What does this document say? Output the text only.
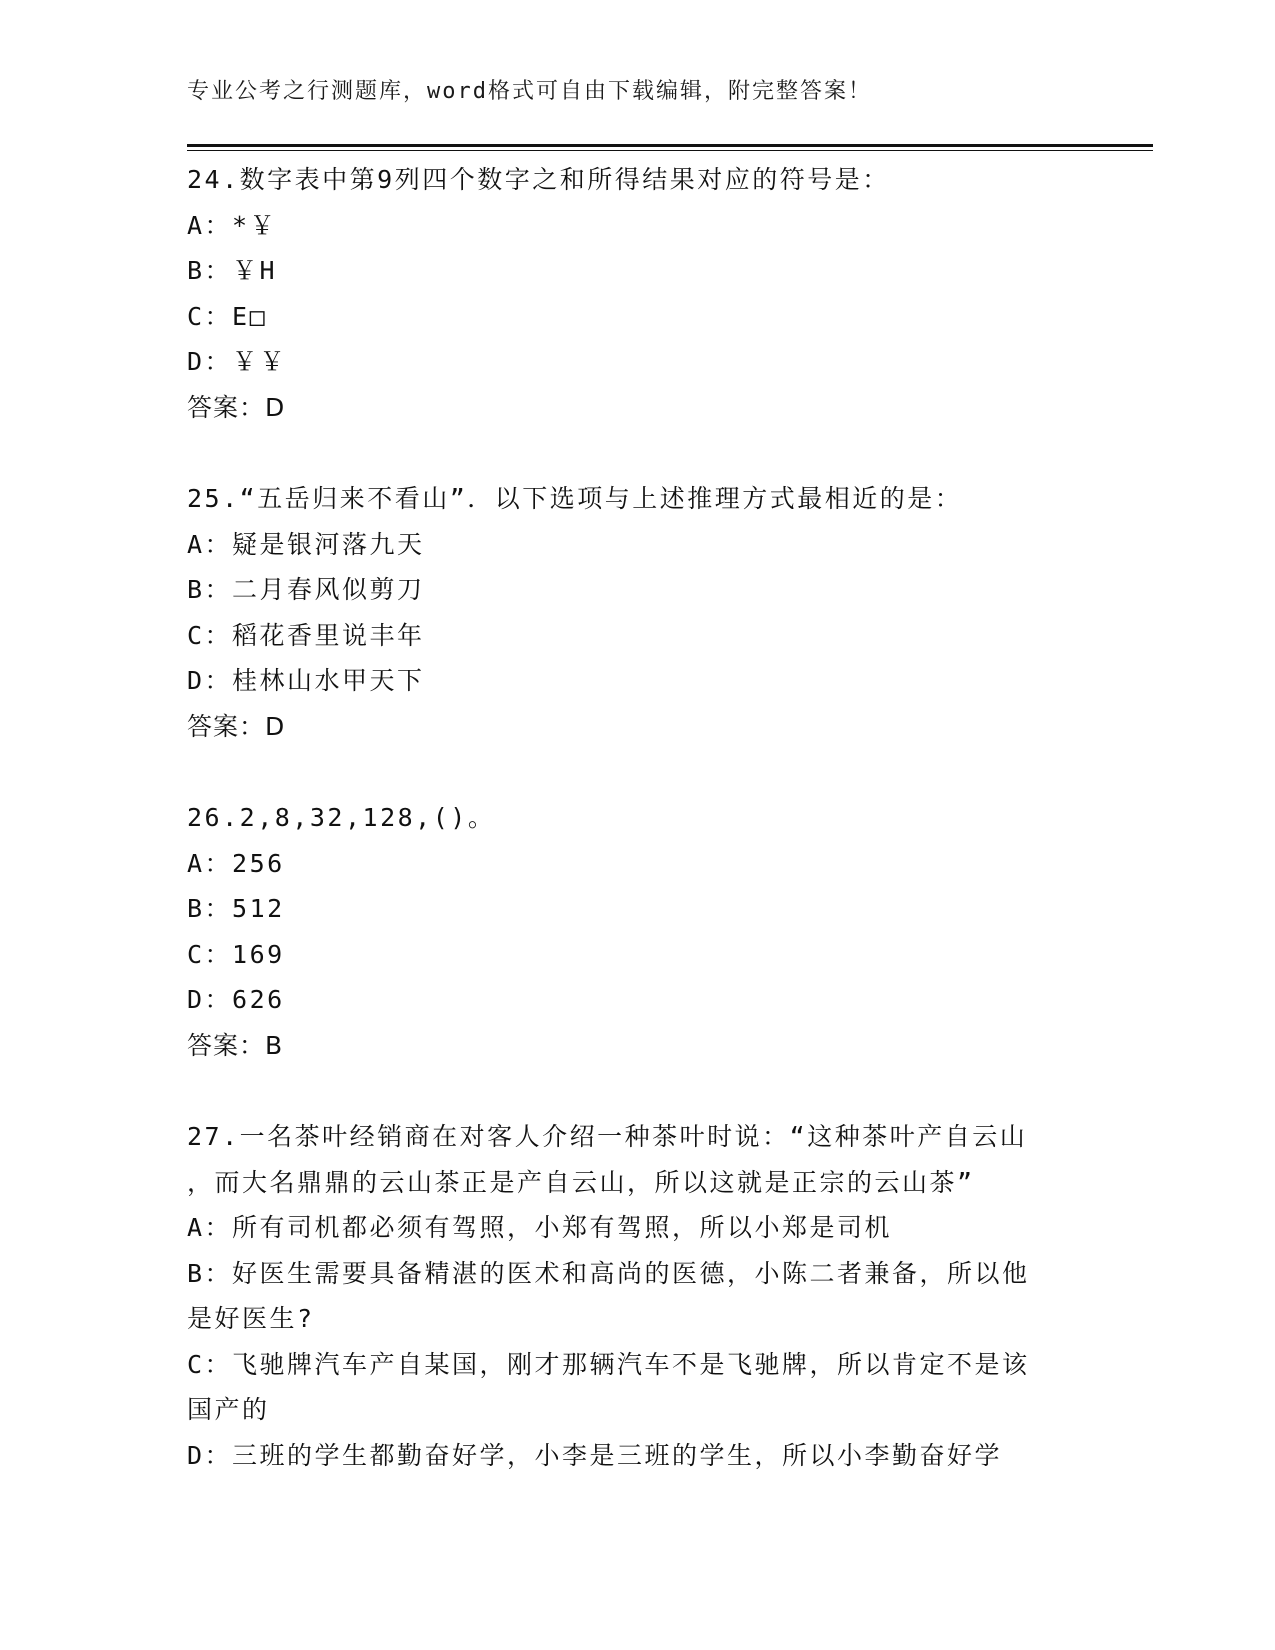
专业公考之行测题库，word格式可自由下载编辑，附完整答案！
24.数字表中第9列四个数字之和所得结果对应的符号是：
A：*￥
B：￥H
C：E□
D：￥￥
答案：D
25.“五岳归来不看山”．以下选项与上述推理方式最相近的是：
A：疑是银河落九天
B：二月春风似剪刀
C：稻花香里说丰年
D：桂林山水甲天下
答案：D
26.2,8,32,128,()。
A：256
B：512
C：169
D：626
答案：B
27.一名茶叶经销商在对客人介绍一种茶叶时说：“这种茶叶产自云山
，而大名鼎鼎的云山茶正是产自云山，所以这就是正宗的云山茶”
A：所有司机都必须有驾照，小郑有驾照，所以小郑是司机
B：好医生需要具备精湛的医术和高尚的医德，小陈二者兼备，所以他
是好医生?
C：飞驰牌汽车产自某国，刚才那辆汽车不是飞驰牌，所以肯定不是该
国产的
D：三班的学生都勤奋好学，小李是三班的学生，所以小李勤奋好学
